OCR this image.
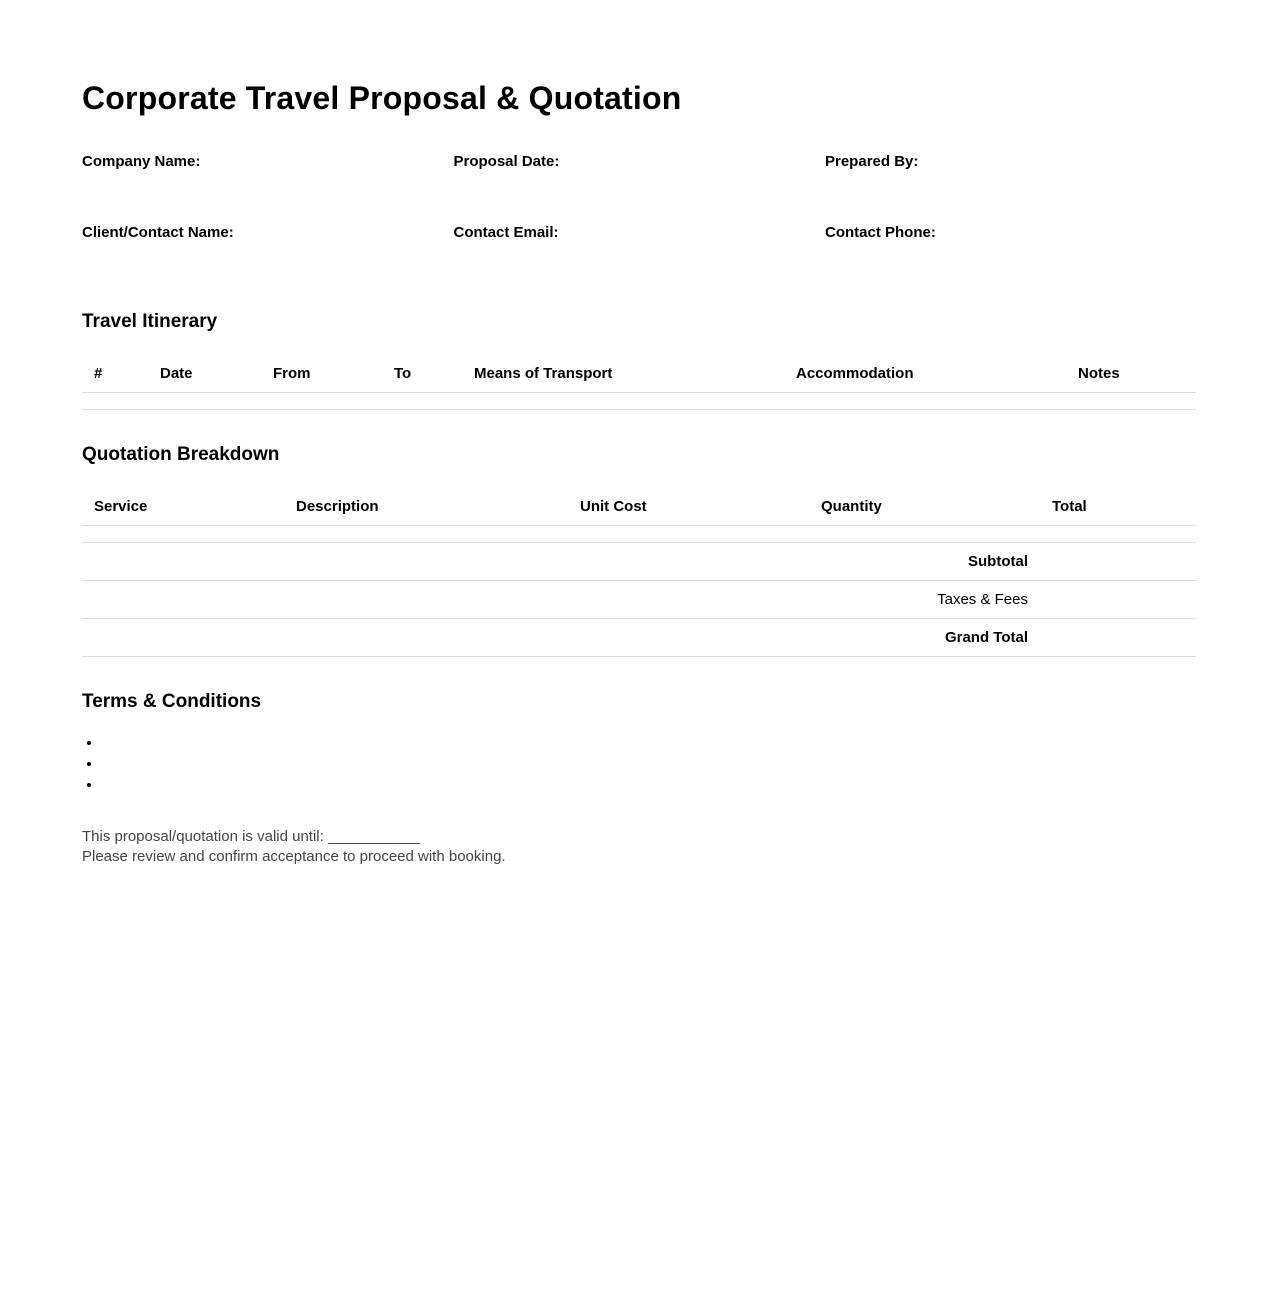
Corporate Travel Proposal & Quotation
Company Name:	Proposal Date:	Prepared By:
Client/Contact Name:	Contact Email:	Contact Phone:
Travel Itinerary
#	Date	From	To	Means of Transport	Accommodation	Notes

Quotation Breakdown
Service	Description	Unit Cost	Quantity	Total

Subtotal				
Taxes & Fees				
Grand Total				
Terms & Conditions
This proposal/quotation is valid until: ___________
Please review and confirm acceptance to proceed with booking.
